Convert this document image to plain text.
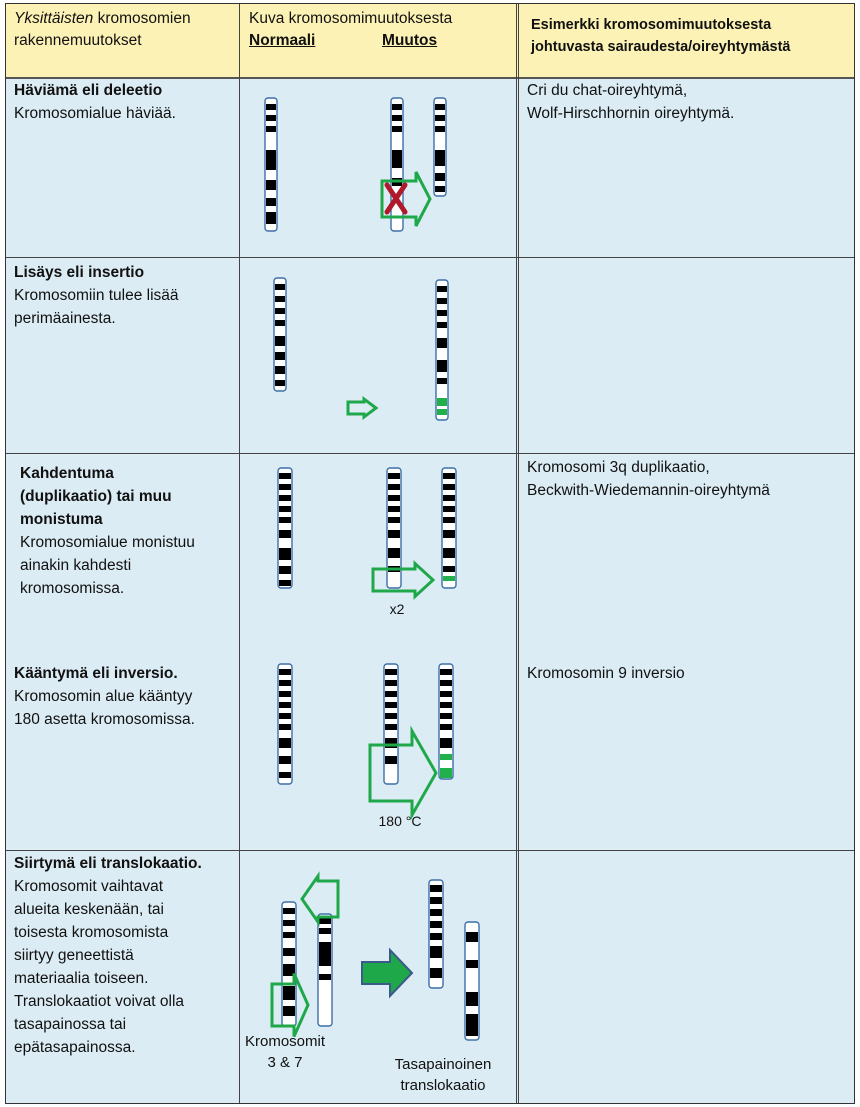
Yksittäisten kromosomien
rakennemuutokset
Kuva kromosomimuutoksesta
Normaali	Muutos
Esimerkki kromosomimuutoksesta
johtuvasta sairaudesta/oireyhtymästä
Häviämä eli deleetio
Kromosomialue häviää.
Cri du chat-oireyhtymä,
Wolf-Hirschhornin oireyhtymä.
Lisäys eli insertio
Kromosomiin tulee lisää
perimäainesta.
Kahdentuma
(duplikaatio) tai muu
monistuma
Kromosomialue monistuu
ainakin kahdesti
kromosomissa.
Kromosomi 3q duplikaatio,
Beckwith-Wiedemannin-oireyhtymä
Kääntymä eli inversio.
Kromosomin alue kääntyy
180 asetta kromosomissa.
Kromosomin 9 inversio
Siirtymä eli translokaatio.
Kromosomit vaihtavat
alueita keskenään, tai
toisesta kromosomista
siirtyy geneettistä
materiaalia toiseen.
Translokaatiot voivat olla
tasapainossa tai
epätasapainossa.
x2
180 °C
Kromosomit
3 & 7	Tasapainoinen
translokaatio
